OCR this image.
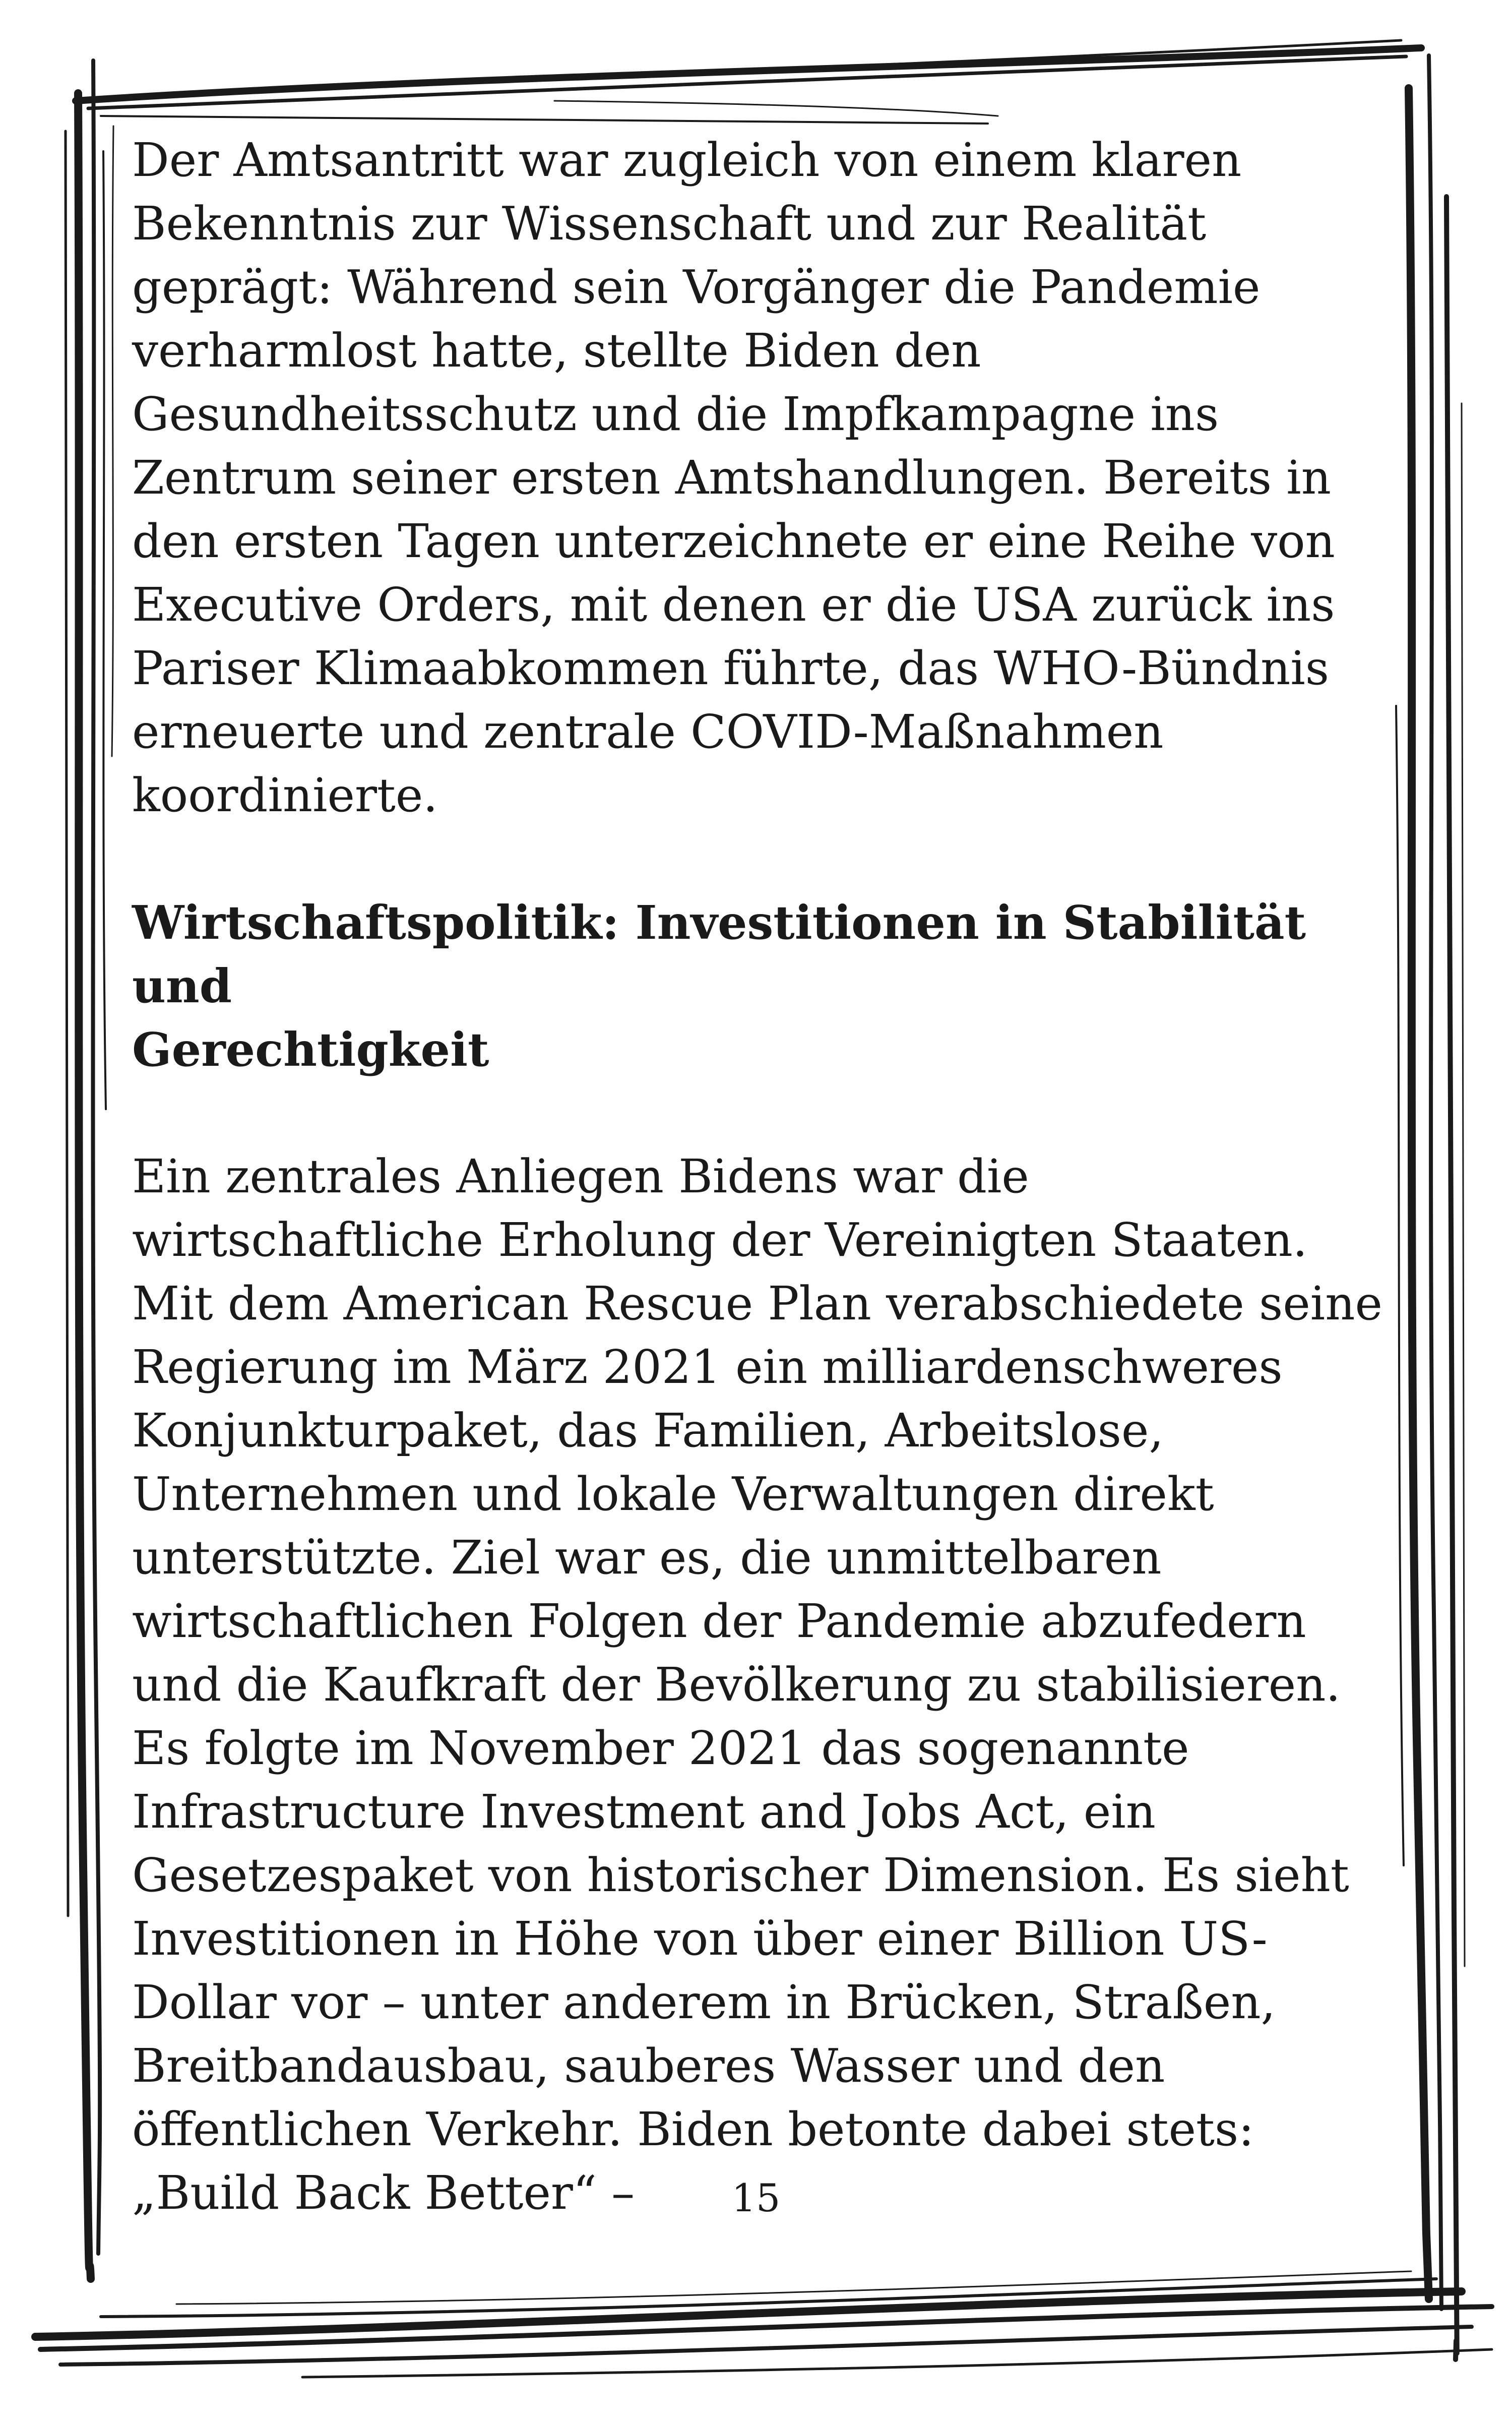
Der Amtsantritt war zugleich von einem klaren
Bekenntnis zur Wissenschaft und zur Realität
geprägt: Während sein Vorgänger die Pandemie
verharmlost hatte, stellte Biden den
Gesundheitsschutz und die Impfkampagne ins
Zentrum seiner ersten Amtshandlungen. Bereits in
den ersten Tagen unterzeichnete er eine Reihe von
Executive Orders, mit denen er die USA zurück ins
Pariser Klimaabkommen führte, das WHO-Bündnis
erneuerte und zentrale COVID-Maßnahmen
koordinierte.

Wirtschaftspolitik: Investitionen in Stabilität und
Gerechtigkeit

Ein zentrales Anliegen Bidens war die
wirtschaftliche Erholung der Vereinigten Staaten.
Mit dem American Rescue Plan verabschiedete seine
Regierung im März 2021 ein milliardenschweres
Konjunkturpaket, das Familien, Arbeitslose,
Unternehmen und lokale Verwaltungen direkt
unterstützte. Ziel war es, die unmittelbaren
wirtschaftlichen Folgen der Pandemie abzufedern
und die Kaufkraft der Bevölkerung zu stabilisieren.
Es folgte im November 2021 das sogenannte
Infrastructure Investment and Jobs Act, ein
Gesetzespaket von historischer Dimension. Es sieht
Investitionen in Höhe von über einer Billion US-
Dollar vor – unter anderem in Brücken, Straßen,
Breitbandausbau, sauberes Wasser und den
öffentlichen Verkehr. Biden betonte dabei stets:
„Build Back Better“ –	15
